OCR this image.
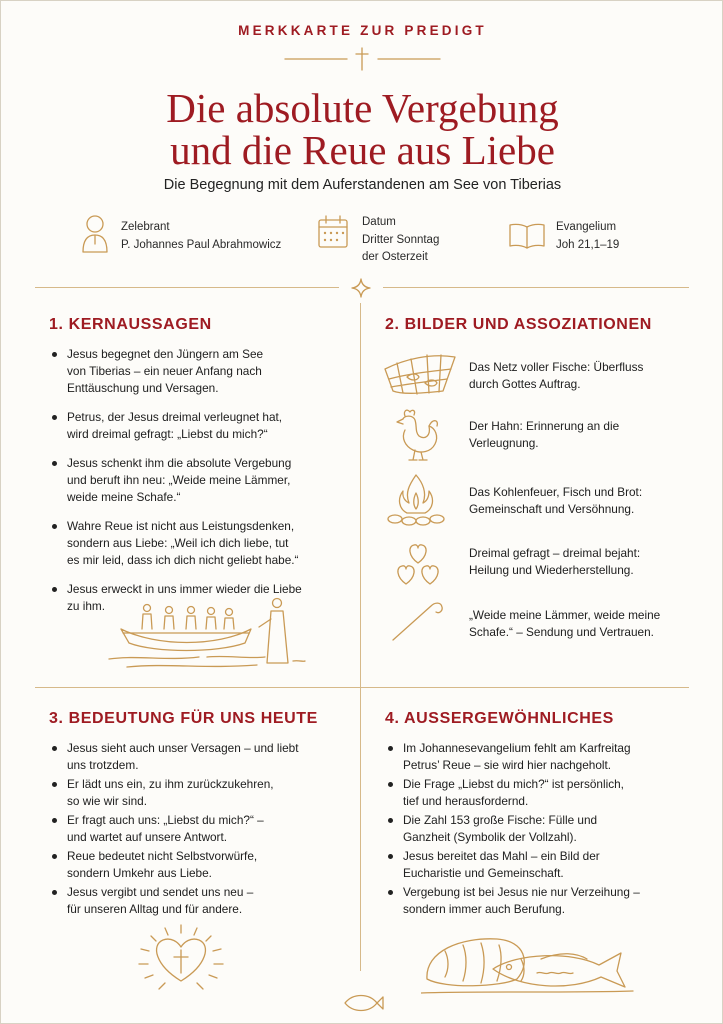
MERKKARTE ZUR PREDIGT
Die absolute Vergebung
und die Reue aus Liebe
Die Begegnung mit dem Auferstandenen am See von Tiberias
Zelebrant
P. Johannes Paul Abrahmowicz
Datum
Dritter Sonntag
der Osterzeit
Evangelium
Joh 21,1–19
1. KERNAUSSAGEN
Jesus begegnet den Jüngern am See
von Tiberias – ein neuer Anfang nach
Enttäuschung und Versagen.
Petrus, der Jesus dreimal verleugnet hat,
wird dreimal gefragt: „Liebst du mich?“
Jesus schenkt ihm die absolute Vergebung
und beruft ihn neu: „Weide meine Lämmer,
weide meine Schafe.“
Wahre Reue ist nicht aus Leistungsdenken,
sondern aus Liebe: „Weil ich dich liebe, tut
es mir leid, dass ich dich nicht geliebt habe.“
Jesus erweckt in uns immer wieder die Liebe
zu ihm.
2. BILDER UND ASSOZIATIONEN
Das Netz voller Fische: Überfluss
durch Gottes Auftrag.
Der Hahn: Erinnerung an die
Verleugnung.
Das Kohlenfeuer, Fisch und Brot:
Gemeinschaft und Versöhnung.
Dreimal gefragt – dreimal bejaht:
Heilung und Wiederherstellung.
„Weide meine Lämmer, weide meine
Schafe.“ – Sendung und Vertrauen.
3. BEDEUTUNG FÜR UNS HEUTE
Jesus sieht auch unser Versagen – und liebt
uns trotzdem.
Er lädt uns ein, zu ihm zurückzukehren,
so wie wir sind.
Er fragt auch uns: „Liebst du mich?“ –
und wartet auf unsere Antwort.
Reue bedeutet nicht Selbstvorwürfe,
sondern Umkehr aus Liebe.
Jesus vergibt und sendet uns neu –
für unseren Alltag und für andere.
4. AUSSERGEWÖHNLICHES
Im Johannesevangelium fehlt am Karfreitag
Petrus’ Reue – sie wird hier nachgeholt.
Die Frage „Liebst du mich?“ ist persönlich,
tief und herausfordernd.
Die Zahl 153 große Fische: Fülle und
Ganzheit (Symbolik der Vollzahl).
Jesus bereitet das Mahl – ein Bild der
Eucharistie und Gemeinschaft.
Vergebung ist bei Jesus nie nur Verzeihung –
sondern immer auch Berufung.
